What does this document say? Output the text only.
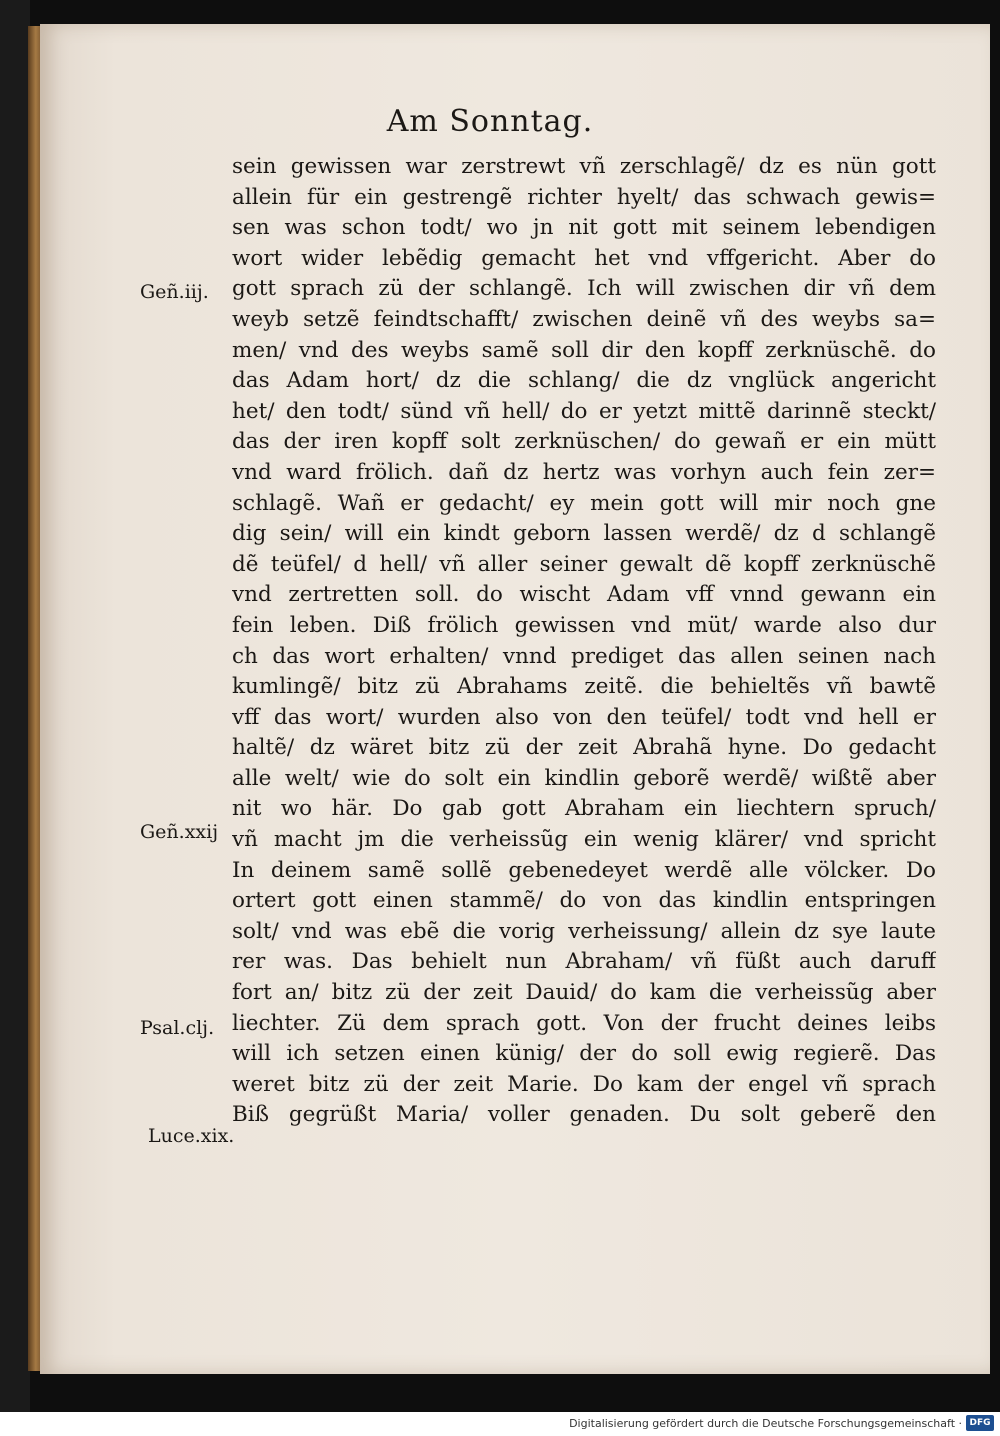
Am Sonntag.
sein gewissen war zerstrewt vñ zerschlagẽ/ dz es nün gott
allein für ein gestrengẽ richter hyelt/ das schwach gewis=
sen was schon todt/ wo jn nit gott mit seinem lebendigen
wort wider lebẽdig gemacht het vnd vffgericht. Aber do
gott sprach zü der schlangẽ. Ich will zwischen dir vñ dem
weyb setzẽ feindtschafft/ zwischen deinẽ vñ des weybs sa=
men/ vnd des weybs samẽ soll dir den kopff zerknüschẽ. do
das Adam hort/ dz die schlang/ die dz vnglück angericht
het/ den todt/ sünd vñ hell/ do er yetzt mittẽ darinnẽ steckt/
das der iren kopff solt zerknüschen/ do gewañ er ein mütt
vnd ward frölich. dañ dz hertz was vorhyn auch fein zer=
schlagẽ. Wañ er gedacht/ ey mein gott will mir noch gne
dig sein/ will ein kindt geborn lassen werdẽ/ dz d schlangẽ
dẽ teüfel/ d hell/ vñ aller seiner gewalt dẽ kopff zerknüschẽ
vnd zertretten soll. do wischt Adam vff vnnd gewann ein
fein leben. Diß frölich gewissen vnd müt/ warde also dur
ch das wort erhalten/ vnnd prediget das allen seinen nach
kumlingẽ/ bitz zü Abrahams zeitẽ. die behieltẽs vñ bawtẽ
vff das wort/ wurden also von den teüfel/ todt vnd hell er
haltẽ/ dz wäret bitz zü der zeit Abrahã hyne. Do gedacht
alle welt/ wie do solt ein kindlin geborẽ werdẽ/ wißtẽ aber
nit wo här. Do gab gott Abraham ein liechtern spruch/
vñ macht jm die verheissũg ein wenig klärer/ vnd spricht
In deinem samẽ sollẽ gebenedeyet werdẽ alle völcker. Do
ortert gott einen stammẽ/ do von das kindlin entspringen
solt/ vnd was ebẽ die vorig verheissung/ allein dz sye laute
rer was. Das behielt nun Abraham/ vñ füßt auch daruff
fort an/ bitz zü der zeit Dauid/ do kam die verheissũg aber
liechter. Zü dem sprach gott. Von der frucht deines leibs
will ich setzen einen künig/ der do soll ewig regierẽ. Das
weret bitz zü der zeit Marie. Do kam der engel vñ sprach
Biß gegrüßt Maria/ voller genaden. Du solt geberẽ den
Geñ.iij.
Geñ.xxij
Psal.clj.
Luce.xix.
Digitalisierung gefördert durch die Deutsche Forschungsgemeinschaft · DFG
